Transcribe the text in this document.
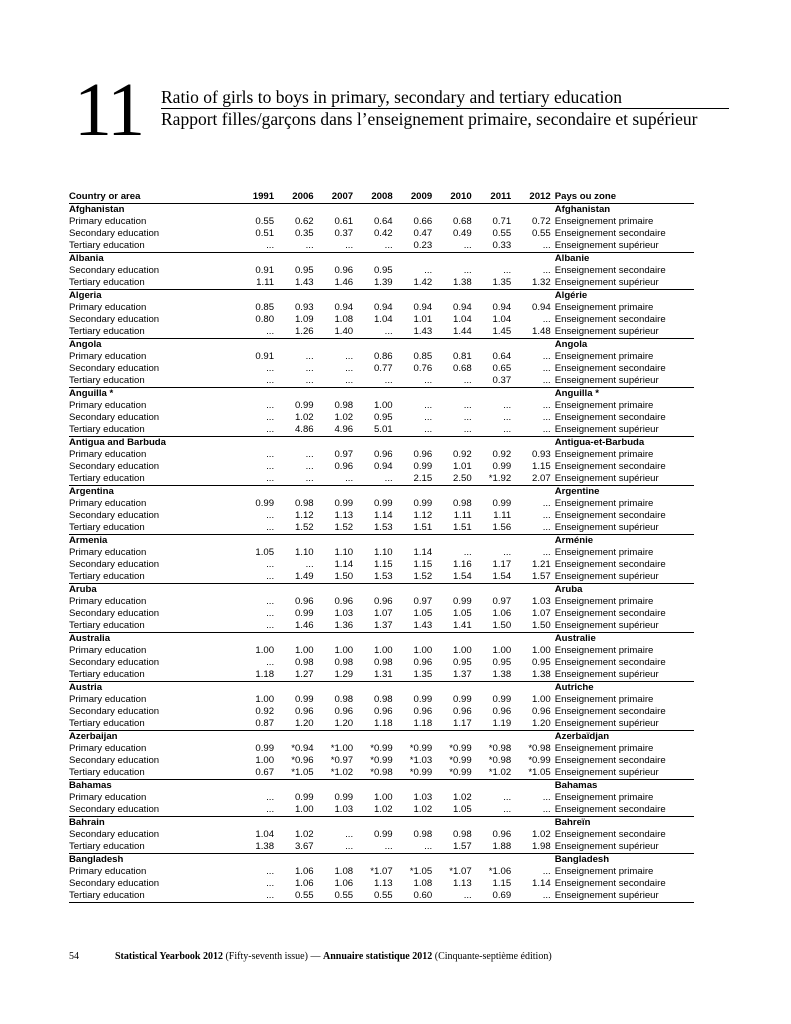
11 Ratio of girls to boys in primary, secondary and tertiary education
Rapport filles/garçons dans l’enseignement primaire, secondaire et supérieur
Country or area	1991	2006	2007	2008	2009	2010	2011	2012	Pays ou zone
Afghanistan									Afghanistan
Primary education	0.55	0.62	0.61	0.64	0.66	0.68	0.71	0.72	Enseignement primaire
Secondary education	0.51	0.35	0.37	0.42	0.47	0.49	0.55	0.55	Enseignement secondaire
Tertiary education	...	...	...	...	0.23	...	0.33	...	Enseignement supérieur
Albania									Albanie
Secondary education	0.91	0.95	0.96	0.95	...	...	...	...	Enseignement secondaire
Tertiary education	1.11	1.43	1.46	1.39	1.42	1.38	1.35	1.32	Enseignement supérieur
Algeria									Algérie
Primary education	0.85	0.93	0.94	0.94	0.94	0.94	0.94	0.94	Enseignement primaire
Secondary education	0.80	1.09	1.08	1.04	1.01	1.04	1.04	...	Enseignement secondaire
Tertiary education	...	1.26	1.40	...	1.43	1.44	1.45	1.48	Enseignement supérieur
Angola									Angola
Primary education	0.91	...	...	0.86	0.85	0.81	0.64	...	Enseignement primaire
Secondary education	...	...	...	0.77	0.76	0.68	0.65	...	Enseignement secondaire
Tertiary education	...	...	...	...	...	...	0.37	...	Enseignement supérieur
Anguilla *									Anguilla *
Primary education	...	0.99	0.98	1.00	...	...	...	...	Enseignement primaire
Secondary education	...	1.02	1.02	0.95	...	...	...	...	Enseignement secondaire
Tertiary education	...	4.86	4.96	5.01	...	...	...	...	Enseignement supérieur
Antigua and Barbuda									Antigua-et-Barbuda
Primary education	...	...	0.97	0.96	0.96	0.92	0.92	0.93	Enseignement primaire
Secondary education	...	...	0.96	0.94	0.99	1.01	0.99	1.15	Enseignement secondaire
Tertiary education	...	...	...	...	2.15	2.50	*1.92	2.07	Enseignement supérieur
Argentina									Argentine
Primary education	0.99	0.98	0.99	0.99	0.99	0.98	0.99	...	Enseignement primaire
Secondary education	...	1.12	1.13	1.14	1.12	1.11	1.11	...	Enseignement secondaire
Tertiary education	...	1.52	1.52	1.53	1.51	1.51	1.56	...	Enseignement supérieur
Armenia									Arménie
Primary education	1.05	1.10	1.10	1.10	1.14	...	...	...	Enseignement primaire
Secondary education	...	...	1.14	1.15	1.15	1.16	1.17	1.21	Enseignement secondaire
Tertiary education	...	1.49	1.50	1.53	1.52	1.54	1.54	1.57	Enseignement supérieur
Aruba									Aruba
Primary education	...	0.96	0.96	0.96	0.97	0.99	0.97	1.03	Enseignement primaire
Secondary education	...	0.99	1.03	1.07	1.05	1.05	1.06	1.07	Enseignement secondaire
Tertiary education	...	1.46	1.36	1.37	1.43	1.41	1.50	1.50	Enseignement supérieur
Australia									Australie
Primary education	1.00	1.00	1.00	1.00	1.00	1.00	1.00	1.00	Enseignement primaire
Secondary education	...	0.98	0.98	0.98	0.96	0.95	0.95	0.95	Enseignement secondaire
Tertiary education	1.18	1.27	1.29	1.31	1.35	1.37	1.38	1.38	Enseignement supérieur
Austria									Autriche
Primary education	1.00	0.99	0.98	0.98	0.99	0.99	0.99	1.00	Enseignement primaire
Secondary education	0.92	0.96	0.96	0.96	0.96	0.96	0.96	0.96	Enseignement secondaire
Tertiary education	0.87	1.20	1.20	1.18	1.18	1.17	1.19	1.20	Enseignement supérieur
Azerbaijan									Azerbaïdjan
Primary education	0.99	*0.94	*1.00	*0.99	*0.99	*0.99	*0.98	*0.98	Enseignement primaire
Secondary education	1.00	*0.96	*0.97	*0.99	*1.03	*0.99	*0.98	*0.99	Enseignement secondaire
Tertiary education	0.67	*1.05	*1.02	*0.98	*0.99	*0.99	*1.02	*1.05	Enseignement supérieur
Bahamas									Bahamas
Primary education	...	0.99	0.99	1.00	1.03	1.02	...	...	Enseignement primaire
Secondary education	...	1.00	1.03	1.02	1.02	1.05	...	...	Enseignement secondaire
Bahrain									Bahreïn
Secondary education	1.04	1.02	...	0.99	0.98	0.98	0.96	1.02	Enseignement secondaire
Tertiary education	1.38	3.67	...	...	...	1.57	1.88	1.98	Enseignement supérieur
Bangladesh									Bangladesh
Primary education	...	1.06	1.08	*1.07	*1.05	*1.07	*1.06	...	Enseignement primaire
Secondary education	...	1.06	1.06	1.13	1.08	1.13	1.15	1.14	Enseignement secondaire
Tertiary education	...	0.55	0.55	0.55	0.60	...	0.69	...	Enseignement supérieur
54	Statistical Yearbook 2012 (Fifty-seventh issue) — Annuaire statistique 2012 (Cinquante-septième édition)
